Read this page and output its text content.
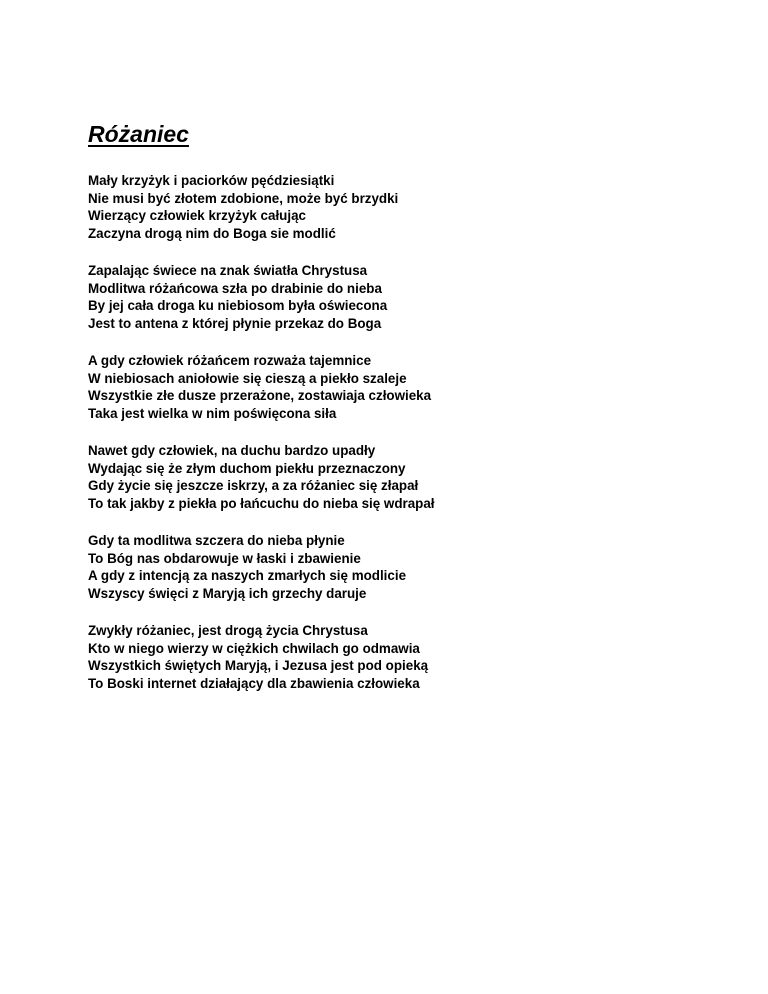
Różaniec
Mały krzyżyk i paciorków pęćdziesiątki
Nie musi być złotem zdobione, może być brzydki
Wierzący człowiek krzyżyk całując
Zaczyna drogą nim do Boga sie modlić
Zapalając świece na znak światła Chrystusa
Modlitwa różańcowa szła po drabinie do nieba
By jej cała droga ku niebiosom była oświecona
Jest to antena z której płynie przekaz do Boga
A gdy człowiek różańcem rozważa tajemnice
W niebiosach aniołowie się cieszą a piekło szaleje
Wszystkie złe dusze przerażone, zostawiaja człowieka
Taka jest wielka w nim poświęcona siła
Nawet gdy człowiek, na duchu bardzo upadły
Wydając się że złym duchom piekłu przeznaczony
Gdy życie się jeszcze iskrzy, a za różaniec się złapał
To tak jakby z piekła po łańcuchu do nieba się wdrapał
Gdy ta modlitwa szczera do nieba płynie
To Bóg nas obdarowuje w łaski i zbawienie
A gdy z intencją za naszych zmarłych się modlicie
Wszyscy święci z Maryją ich grzechy daruje
Zwykły różaniec, jest drogą życia Chrystusa
Kto w niego wierzy w ciężkich chwilach go odmawia
Wszystkich świętych Maryją, i Jezusa jest pod opieką
To Boski internet działający dla zbawienia człowieka
